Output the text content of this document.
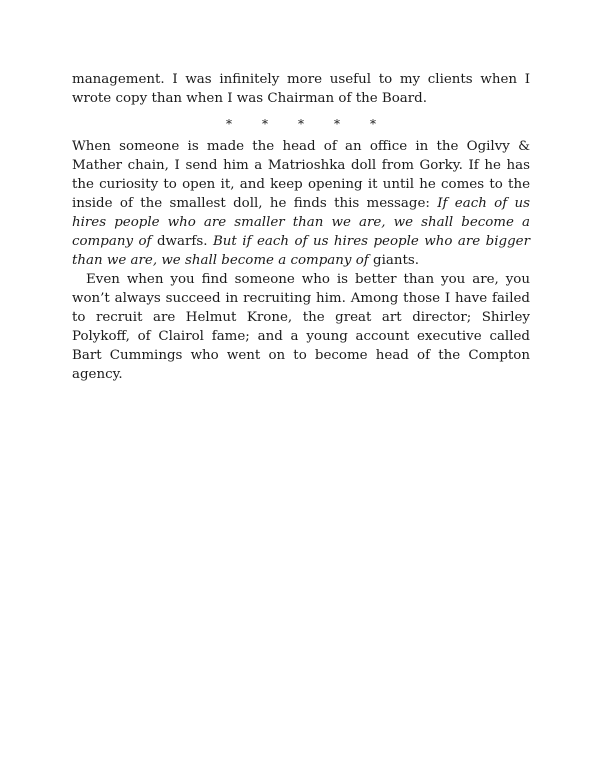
management. I was infinitely more useful to my clients when I wrote copy than when I was Chairman of the Board.

*	*	*	*	*

When someone is made the head of an office in the Ogilvy & Mather chain, I send him a Matrioshka doll from Gorky. If he has the curiosity to open it, and keep opening it until he comes to the inside of the smallest doll, he finds this message: If each of us hires people who are smaller than we are, we shall become a company of dwarfs. But if each of us hires people who are bigger than we are, we shall become a company of giants.

Even when you find someone who is better than you are, you won’t always succeed in recruiting him. Among those I have failed to recruit are Helmut Krone, the great art director; Shirley Polykoff, of Clairol fame; and a young account executive called Bart Cummings who went on to become head of the Compton agency.
